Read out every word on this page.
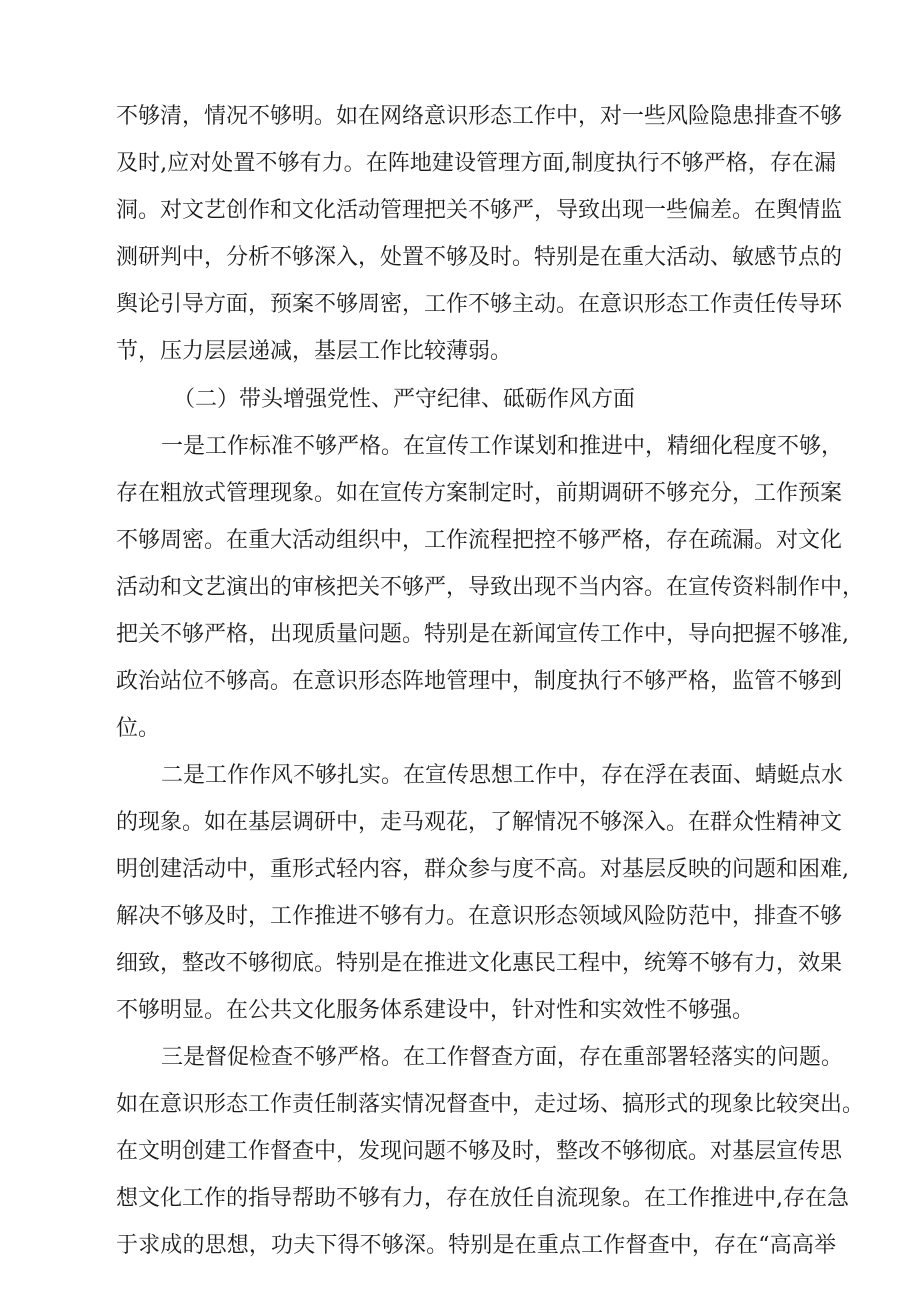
不够清，情况不够明。如在网络意识形态工作中，对一些风险隐患排查不够
及时,应对处置不够有力。在阵地建设管理方面,制度执行不够严格，存在漏
洞。对文艺创作和文化活动管理把关不够严，导致出现一些偏差。在舆情监
测研判中，分析不够深入，处置不够及时。特别是在重大活动、敏感节点的
舆论引导方面，预案不够周密，工作不够主动。在意识形态工作责任传导环
节，压力层层递减，基层工作比较薄弱。
（二）带头增强党性、严守纪律、砥砺作风方面
一是工作标准不够严格。在宣传工作谋划和推进中，精细化程度不够，
存在粗放式管理现象。如在宣传方案制定时，前期调研不够充分，工作预案
不够周密。在重大活动组织中，工作流程把控不够严格，存在疏漏。对文化
活动和文艺演出的审核把关不够严，导致出现不当内容。在宣传资料制作中，
把关不够严格，出现质量问题。特别是在新闻宣传工作中，导向把握不够准,
政治站位不够高。在意识形态阵地管理中，制度执行不够严格，监管不够到
位。
二是工作作风不够扎实。在宣传思想工作中，存在浮在表面、蜻蜓点水
的现象。如在基层调研中，走马观花，了解情况不够深入。在群众性精神文
明创建活动中，重形式轻内容，群众参与度不高。对基层反映的问题和困难,
解决不够及时，工作推进不够有力。在意识形态领域风险防范中，排查不够
细致，整改不够彻底。特别是在推进文化惠民工程中，统筹不够有力，效果
不够明显。在公共文化服务体系建设中，针对性和实效性不够强。
三是督促检查不够严格。在工作督查方面，存在重部署轻落实的问题。
如在意识形态工作责任制落实情况督查中，走过场、搞形式的现象比较突出。
在文明创建工作督查中，发现问题不够及时，整改不够彻底。对基层宣传思
想文化工作的指导帮助不够有力，存在放任自流现象。在工作推进中,存在急
于求成的思想，功夫下得不够深。特别是在重点工作督查中，存在“高高举
